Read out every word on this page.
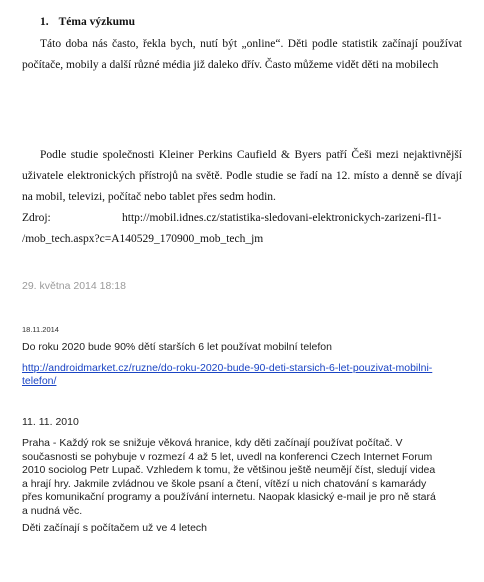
1. Téma výzkumu
Táto doba nás často, řekla bych, nutí být „online“. Děti podle statistik začínají používat počítače, mobily a další různé média již daleko dřív. Často můžeme vidět děti na mobilech
Podle studie společnosti Kleiner Perkins Caufield & Byers patří Češi mezi nejaktivnější uživatele elektronických přístrojů na světě. Podle studie se řadí na 12. místo a denně se dívají na mobil, televizi, počítač nebo tablet přes sedm hodin.
Zdroj:	http://mobil.idnes.cz/statistika-sledovani-elektronickych-zarizeni-fl1-
/mob_tech.aspx?c=A140529_170900_mob_tech_jm
29. května 2014 18:18
18.11.2014
Do roku 2020 bude 90% dětí starších 6 let používat mobilní telefon
http://androidmarket.cz/ruzne/do-roku-2020-bude-90-deti-starsich-6-let-pouzivat-mobilni-telefon/
11. 11. 2010
Praha - Každý rok se snižuje věková hranice, kdy děti začínají používat počítač. V současnosti se pohybuje v rozmezí 4 až 5 let, uvedl na konferenci Czech Internet Forum 2010 sociolog Petr Lupač. Vzhledem k tomu, že většinou ještě neumějí číst, sledují videa a hrají hry. Jakmile zvládnou ve škole psaní a čtení, vítězí u nich chatování s kamarády přes komunikační programy a používání internetu. Naopak klasický e-mail je pro ně stará a nudná věc.
Děti začínají s počítačem už ve 4 letech
